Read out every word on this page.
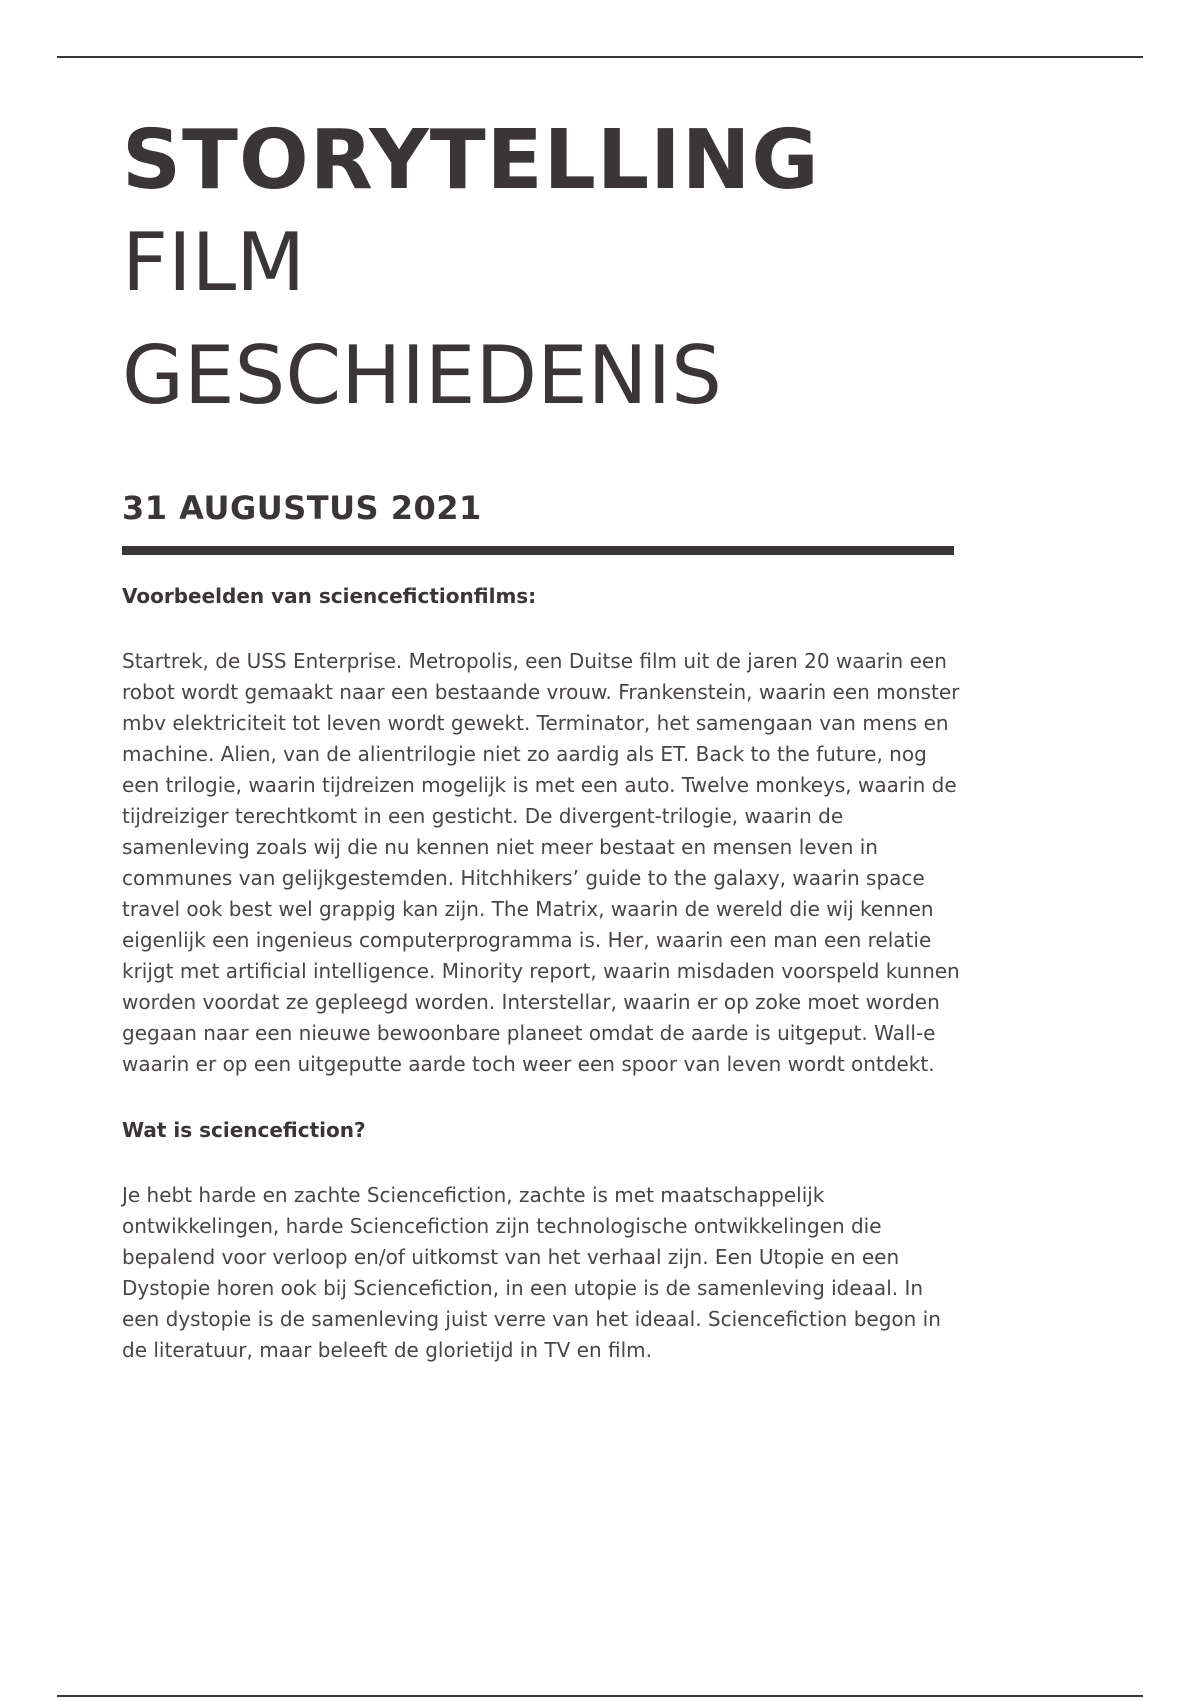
STORYTELLING
FILM
GESCHIEDENIS
31 AUGUSTUS 2021
Voorbeelden van sciencefictionfilms:

Startrek, de USS Enterprise. Metropolis, een Duitse film uit de jaren 20 waarin een robot wordt gemaakt naar een bestaande vrouw. Frankenstein, waarin een monster mbv elektriciteit tot leven wordt gewekt. Terminator, het samengaan van mens en machine. Alien, van de alientrilogie niet zo aardig als ET. Back to the future, nog een trilogie, waarin tijdreizen mogelijk is met een auto. Twelve monkeys, waarin de tijdreiziger terechtkomt in een gesticht. De divergent-trilogie, waarin de samenleving zoals wij die nu kennen niet meer bestaat en mensen leven in communes van gelijkgestemden. Hitchhikers’ guide to the galaxy, waarin space travel ook best wel grappig kan zijn. The Matrix, waarin de wereld die wij kennen eigenlijk een ingenieus computerprogramma is. Her, waarin een man een relatie krijgt met artificial intelligence. Minority report, waarin misdaden voorspeld kunnen worden voordat ze gepleegd worden. Interstellar, waarin er op zoke moet worden gegaan naar een nieuwe bewoonbare planeet omdat de aarde is uitgeput. Wall-e waarin er op een uitgeputte aarde toch weer een spoor van leven wordt ontdekt.

Wat is sciencefiction?

Je hebt harde en zachte Sciencefiction, zachte is met maatschappelijk ontwikkelingen, harde Sciencefiction zijn technologische ontwikkelingen die bepalend voor verloop en/of uitkomst van het verhaal zijn. Een Utopie en een Dystopie horen ook bij Sciencefiction, in een utopie is de samenleving ideaal. In een dystopie is de samenleving juist verre van het ideaal. Sciencefiction begon in de literatuur, maar beleeft de glorietijd in TV en film.
